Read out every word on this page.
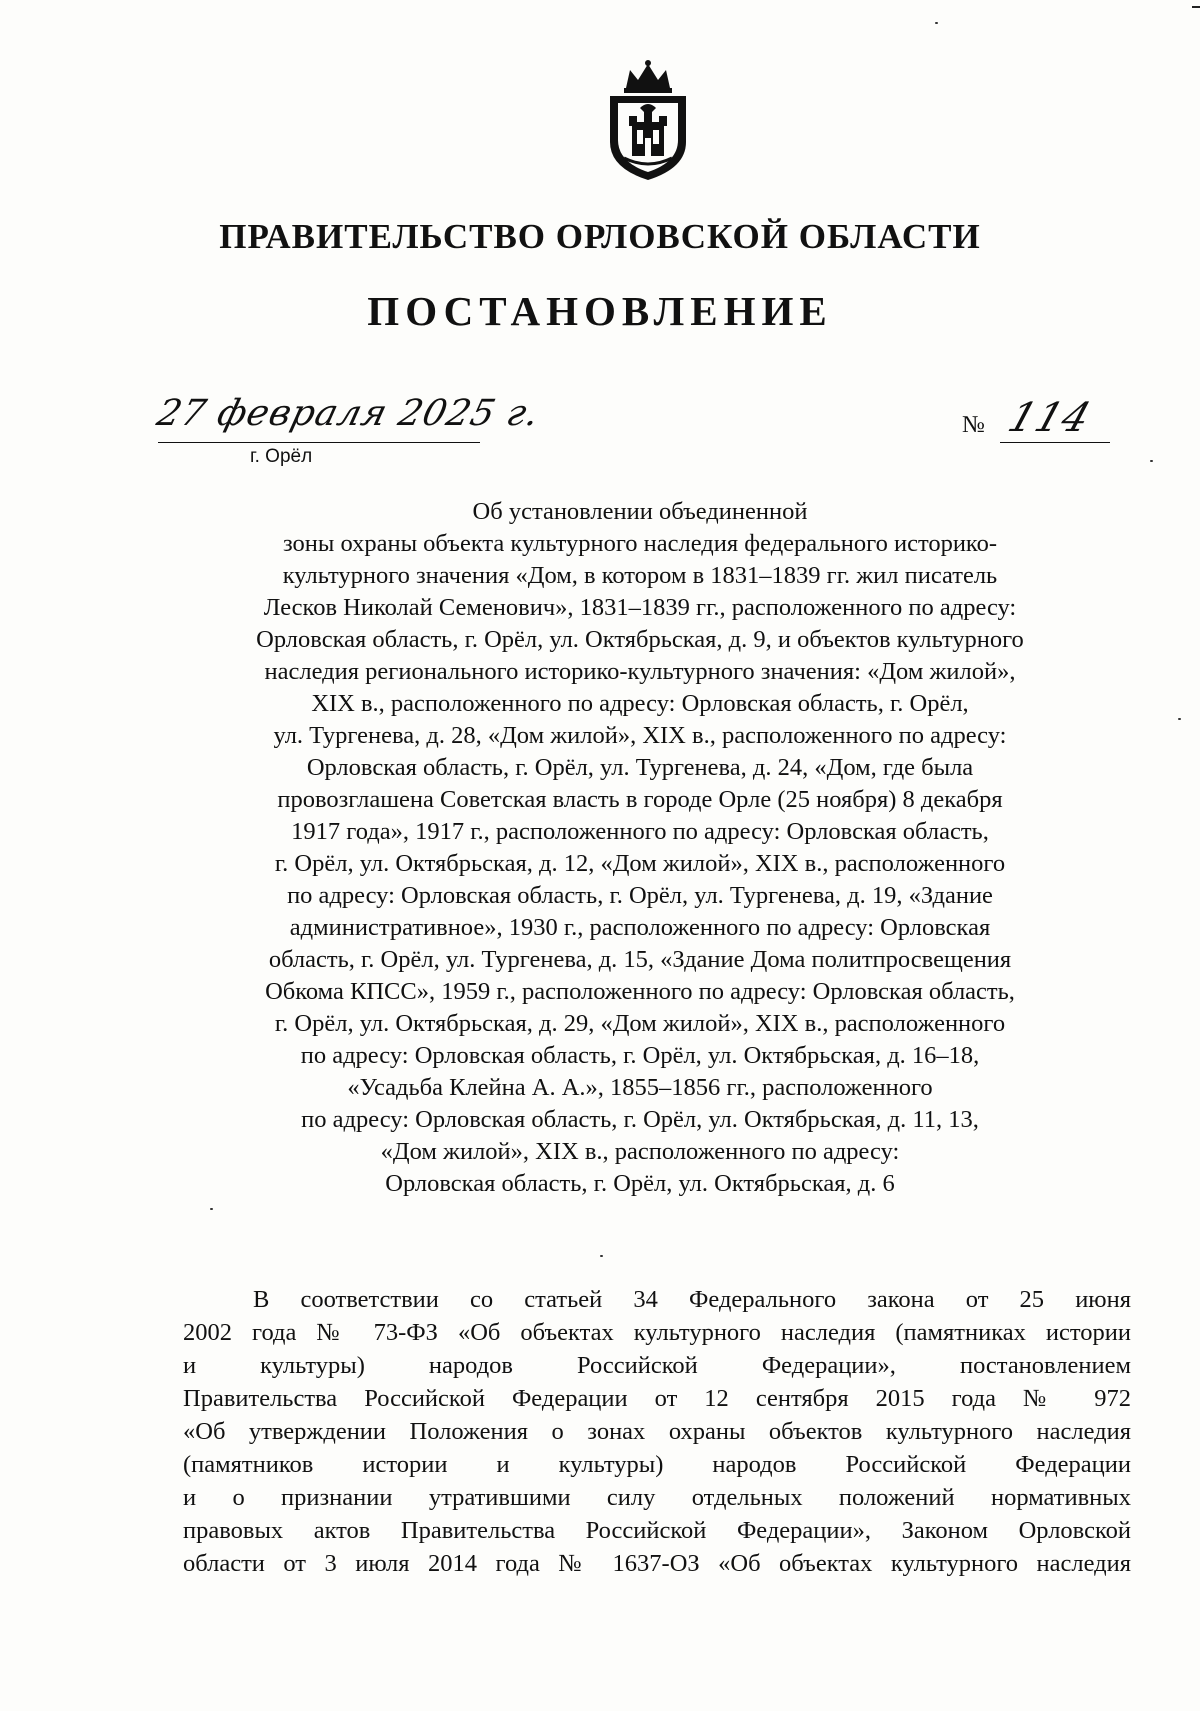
ПРАВИТЕЛЬСТВО ОРЛОВСКОЙ ОБЛАСТИ
ПОСТАНОВЛЕНИЕ
27 февраля 2025 г.
г. Орёл
№ 114
Об установлении объединенной
зоны охраны объекта культурного наследия федерального историко-
культурного значения «Дом, в котором в 1831–1839 гг. жил писатель
Лесков Николай Семенович», 1831–1839 гг., расположенного по адресу:
Орловская область, г. Орёл, ул. Октябрьская, д. 9, и объектов культурного
наследия регионального историко-культурного значения: «Дом жилой»,
XIX в., расположенного по адресу: Орловская область, г. Орёл,
ул. Тургенева, д. 28, «Дом жилой», XIX в., расположенного по адресу:
Орловская область, г. Орёл, ул. Тургенева, д. 24, «Дом, где была
провозглашена Советская власть в городе Орле (25 ноября) 8 декабря
1917 года», 1917 г., расположенного по адресу: Орловская область,
г. Орёл, ул. Октябрьская, д. 12, «Дом жилой», XIX в., расположенного
по адресу: Орловская область, г. Орёл, ул. Тургенева, д. 19, «Здание
административное», 1930 г., расположенного по адресу: Орловская
область, г. Орёл, ул. Тургенева, д. 15, «Здание Дома политпросвещения
Обкома КПСС», 1959 г., расположенного по адресу: Орловская область,
г. Орёл, ул. Октябрьская, д. 29, «Дом жилой», XIX в., расположенного
по адресу: Орловская область, г. Орёл, ул. Октябрьская, д. 16–18,
«Усадьба Клейна А. А.», 1855–1856 гг., расположенного
по адресу: Орловская область, г. Орёл, ул. Октябрьская, д. 11, 13,
«Дом жилой», XIX в., расположенного по адресу:
Орловская область, г. Орёл, ул. Октябрьская, д. 6
В соответствии со статьей 34 Федерального закона от 25 июня
2002 года № 73-ФЗ «Об объектах культурного наследия (памятниках истории
и культуры) народов Российской Федерации», постановлением
Правительства Российской Федерации от 12 сентября 2015 года № 972
«Об утверждении Положения о зонах охраны объектов культурного наследия
(памятников истории и культуры) народов Российской Федерации
и о признании утратившими силу отдельных положений нормативных
правовых актов Правительства Российской Федерации», Законом Орловской
области от 3 июля 2014 года № 1637-ОЗ «Об объектах культурного наследия
